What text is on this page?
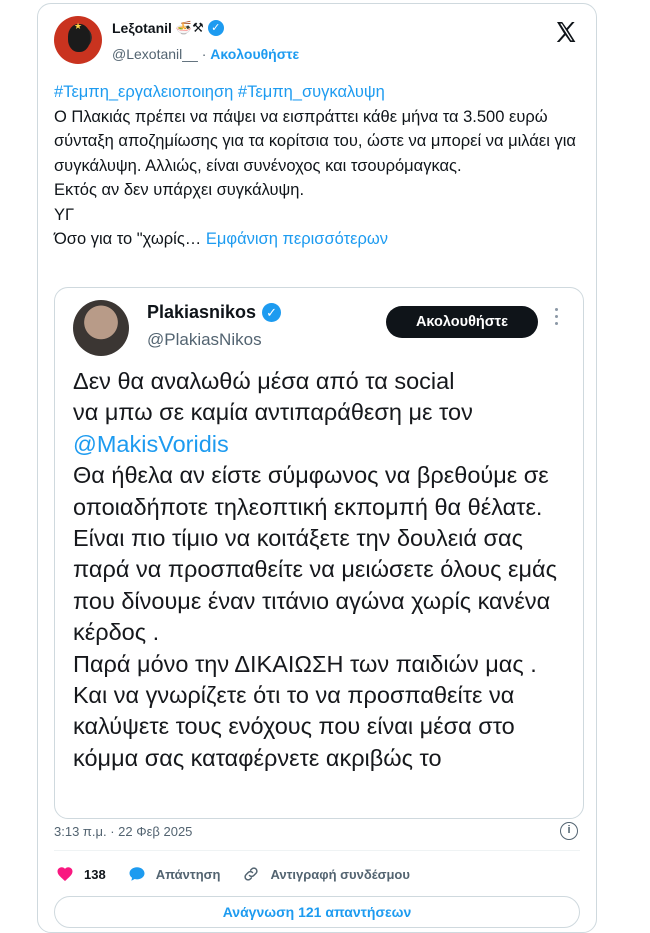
★ Lеξotanil 🍜⚒ ✓
@Lexotanil__ · Ακολουθήστε

#Τεμπη_εργαλειοποιηση #Τεμπη_συγκαλυψη

Ο Πλακιάς πρέπει να πάψει να εισπράττει κάθε μήνα τα 3.500 ευρώ σύνταξη αποζημίωσης για τα κορίτσια του, ώστε να μπορεί να μιλάει για συγκάλυψη. Αλλιώς, είναι συνένοχος και τσουρόμαγκας.

Εκτός αν δεν υπάρχει συγκάλυψη.

ΥΓ

Όσο για το "χωρίς… Εμφάνιση περισσότερων

Plakiasnikos ✓
@PlakiasNikos
Ακολουθήστε

Δεν θα αναλωθώ μέσα από τα social

να μπω σε καμία αντιπαράθεση με τον

@MakisVoridis

Θα ήθελα αν είστε σύμφωνος να βρεθούμε σε οποιαδήποτε τηλεοπτική εκπομπή θα θέλατε.

Είναι πιο τίμιο να κοιτάξετε την δουλειά σας παρά να προσπαθείτε να μειώσετε όλους εμάς που δίνουμε έναν τιτάνιο αγώνα χωρίς κανένα κέρδος .

Παρά μόνο την ΔΙΚΑΙΩΣΗ των παιδιών μας .

Και να γνωρίζετε ότι το να προσπαθείτε να καλύψετε τους ενόχους που είναι μέσα στο κόμμα σας καταφέρνετε ακριβώς το

3:13 π.μ. · 22 Φεβ 2025	i
138	Απάντηση	Αντιγραφή συνδέσμου
Ανάγνωση 121 απαντήσεων
